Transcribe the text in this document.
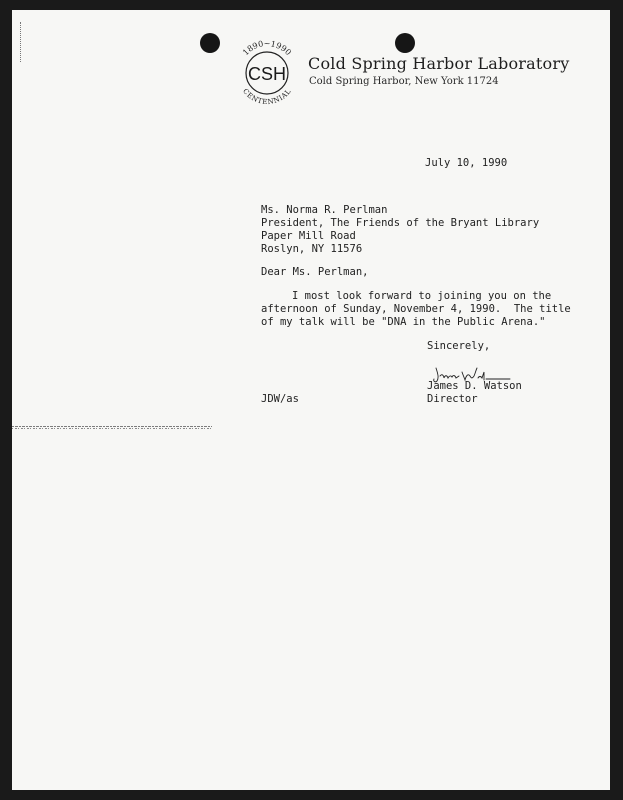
1890~1990
CENTENNIAL
CSH
Cold Spring Harbor Laboratory
Cold Spring Harbor, New York 11724
July 10, 1990
Ms. Norma R. Perlman
President, The Friends of the Bryant Library
Paper Mill Road
Roslyn, NY 11576
Dear Ms. Perlman,
I most look forward to joining you on the
afternoon of Sunday, November 4, 1990.  The title
of my talk will be "DNA in the Public Arena."
Sincerely,
James D. Watson
Director
JDW/as
